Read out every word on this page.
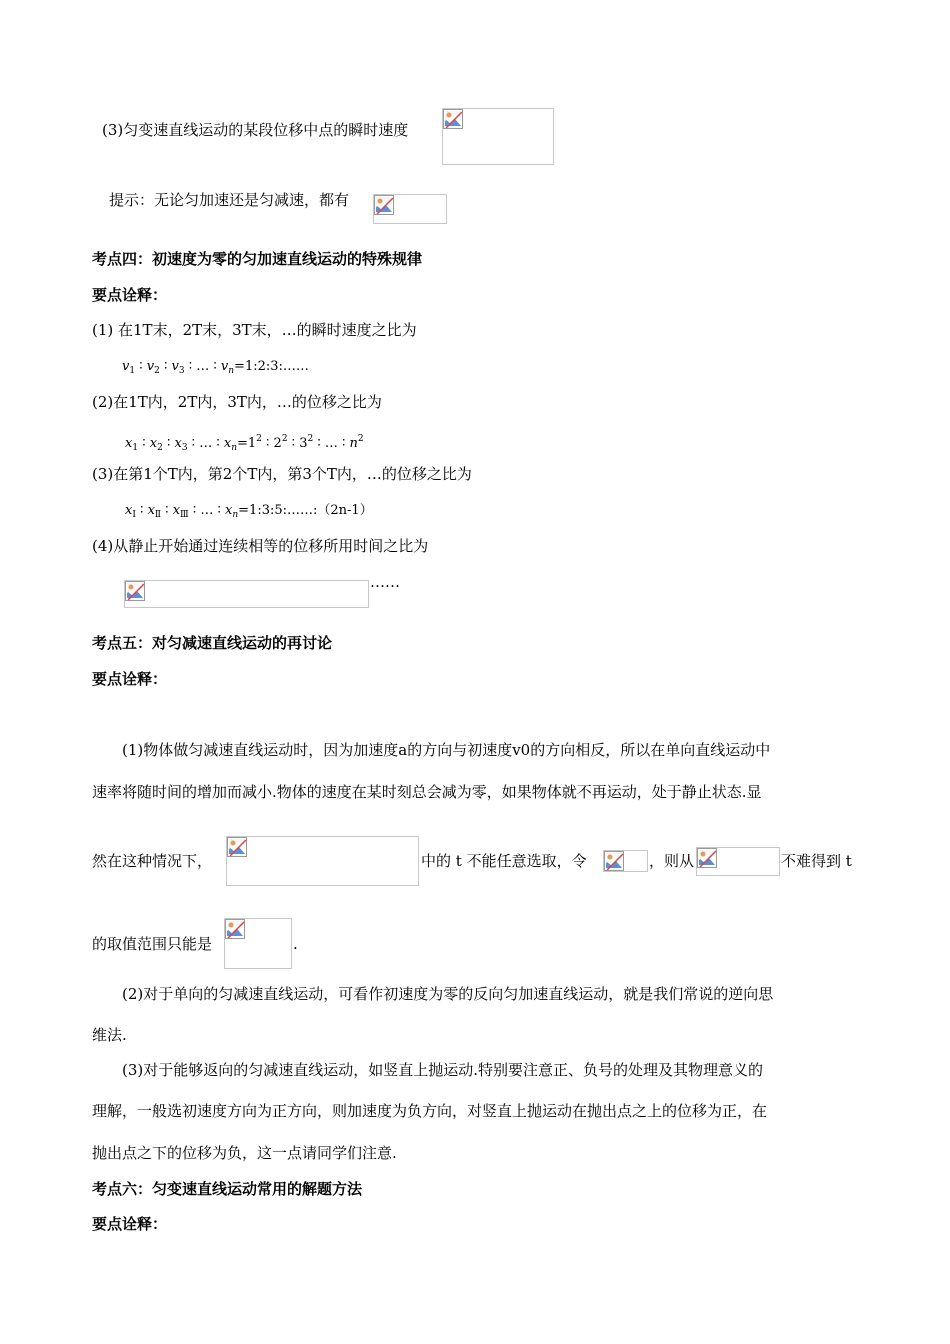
(3)匀变速直线运动的某段位移中点的瞬时速度
提示：无论匀加速还是匀减速，都有
考点四：初速度为零的匀加速直线运动的特殊规律
要点诠释：
(1) 在1T末，2T末，3T末，…的瞬时速度之比为
$v_1$ ∶ $v_2$ ∶ $v_3$ ∶ … ∶ $v_n=1:2:3:\dots\dots$
(2)在1T内，2T内，3T内，…的位移之比为
$x_1$ ∶ $x_2$ ∶ $x_3$ ∶ … ∶ $x_n=1^2$ ∶ $2^2$ ∶ $3^2$ ∶ … ∶ $n^2$
(3)在第1个T内，第2个T内，第3个T内，…的位移之比为
$x_Ⅰ$ ∶ $x_Ⅱ$ ∶ $x_Ⅲ$ ∶ … ∶ $x_n=1:3:5:\dots\dots:(2n-1)$
(4)从静止开始通过连续相等的位移所用时间之比为
……
考点五：对匀减速直线运动的再讨论
要点诠释：
(1)物体做匀减速直线运动时，因为加速度a的方向与初速度v0的方向相反，所以在单向直线运动中
速率将随时间的增加而减小.物体的速度在某时刻总会减为零，如果物体就不再运动，处于静止状态.显
然在这种情况下，	中的 t 不能任意选取，令	，则从	不难得到 t
的取值范围只能是	.
(2)对于单向的匀减速直线运动，可看作初速度为零的反向匀加速直线运动，就是我们常说的逆向思
维法.
(3)对于能够返向的匀减速直线运动，如竖直上抛运动.特别要注意正、负号的处理及其物理意义的
理解，一般选初速度方向为正方向，则加速度为负方向，对竖直上抛运动在抛出点之上的位移为正，在
抛出点之下的位移为负，这一点请同学们注意.
考点六：匀变速直线运动常用的解题方法
要点诠释：
